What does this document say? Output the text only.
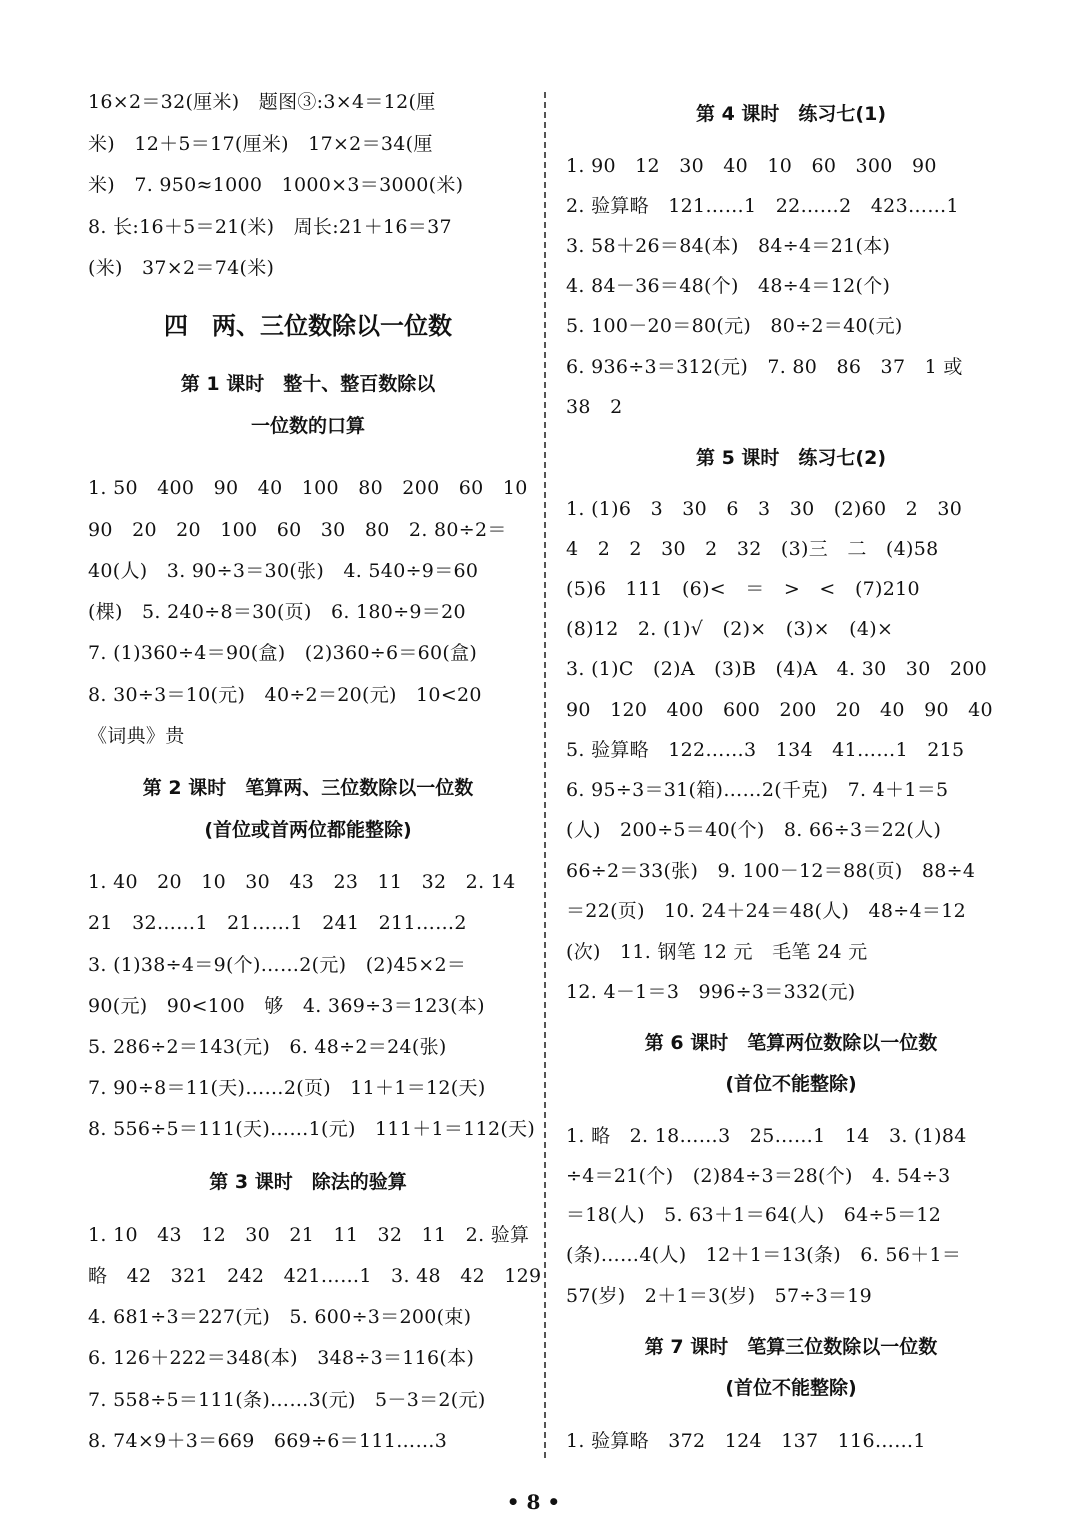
16×2＝32(厘米)　题图③:3×4＝12(厘
米)　12＋5＝17(厘米)　17×2＝34(厘
米)　7. 950≈1000　1000×3＝3000(米)
8. 长:16＋5＝21(米)　周长:21＋16＝37
(米)　37×2＝74(米)
四　两、三位数除以一位数
第 1 课时　整十、整百数除以
一位数的口算
1. 50　400　90　40　100　80　200　60　10
90　20　20　100　60　30　80　2. 80÷2＝
40(人)　3. 90÷3＝30(张)　4. 540÷9＝60
(棵)　5. 240÷8＝30(页)　6. 180÷9＝20
7. (1)360÷4＝90(盒)　(2)360÷6＝60(盒)
8. 30÷3＝10(元)　40÷2＝20(元)　10<20
《词典》贵
第 2 课时　笔算两、三位数除以一位数
(首位或首两位都能整除)
1. 40　20　10　30　43　23　11　32　2. 14
21　32……1　21……1　241　211……2
3. (1)38÷4＝9(个)……2(元)　(2)45×2＝
90(元)　90<100　够　4. 369÷3＝123(本)
5. 286÷2＝143(元)　6. 48÷2＝24(张)
7. 90÷8＝11(天)……2(页)　11＋1＝12(天)
8. 556÷5＝111(天)……1(元)　111＋1＝112(天)
第 3 课时　除法的验算
1. 10　43　12　30　21　11　32　11　2. 验算
略　42　321　242　421……1　3. 48　42　129
4. 681÷3＝227(元)　5. 600÷3＝200(束)
6. 126＋222＝348(本)　348÷3＝116(本)
7. 558÷5＝111(条)……3(元)　5－3＝2(元)
8. 74×9＋3＝669　669÷6＝111……3
第 4 课时　练习七(1)
1. 90　12　30　40　10　60　300　90
2. 验算略　121……1　22……2　423……1
3. 58＋26＝84(本)　84÷4＝21(本)
4. 84－36＝48(个)　48÷4＝12(个)
5. 100－20＝80(元)　80÷2＝40(元)
6. 936÷3＝312(元)　7. 80　86　37　1 或
38　2
第 5 课时　练习七(2)
1. (1)6　3　30　6　3　30　(2)60　2　30
4　2　2　30　2　32　(3)三　二　(4)58
(5)6　111　(6)<　＝　>　<　(7)210
(8)12　2. (1)√　(2)×　(3)×　(4)×
3. (1)C　(2)A　(3)B　(4)A　4. 30　30　200
90　120　400　600　200　20　40　90　40
5. 验算略　122……3　134　41……1　215
6. 95÷3＝31(箱)……2(千克)　7. 4＋1＝5
(人)　200÷5＝40(个)　8. 66÷3＝22(人)
66÷2＝33(张)　9. 100－12＝88(页)　88÷4
＝22(页)　10. 24＋24＝48(人)　48÷4＝12
(次)　11. 钢笔 12 元　毛笔 24 元
12. 4－1＝3　996÷3＝332(元)
第 6 课时　笔算两位数除以一位数
(首位不能整除)
1. 略　2. 18……3　25……1　14　3. (1)84
÷4＝21(个)　(2)84÷3＝28(个)　4. 54÷3
＝18(人)　5. 63＋1＝64(人)　64÷5＝12
(条)……4(人)　12＋1＝13(条)　6. 56＋1＝
57(岁)　2＋1＝3(岁)　57÷3＝19
第 7 课时　笔算三位数除以一位数
(首位不能整除)
1. 验算略　372　124　137　116……1
• 8 •
